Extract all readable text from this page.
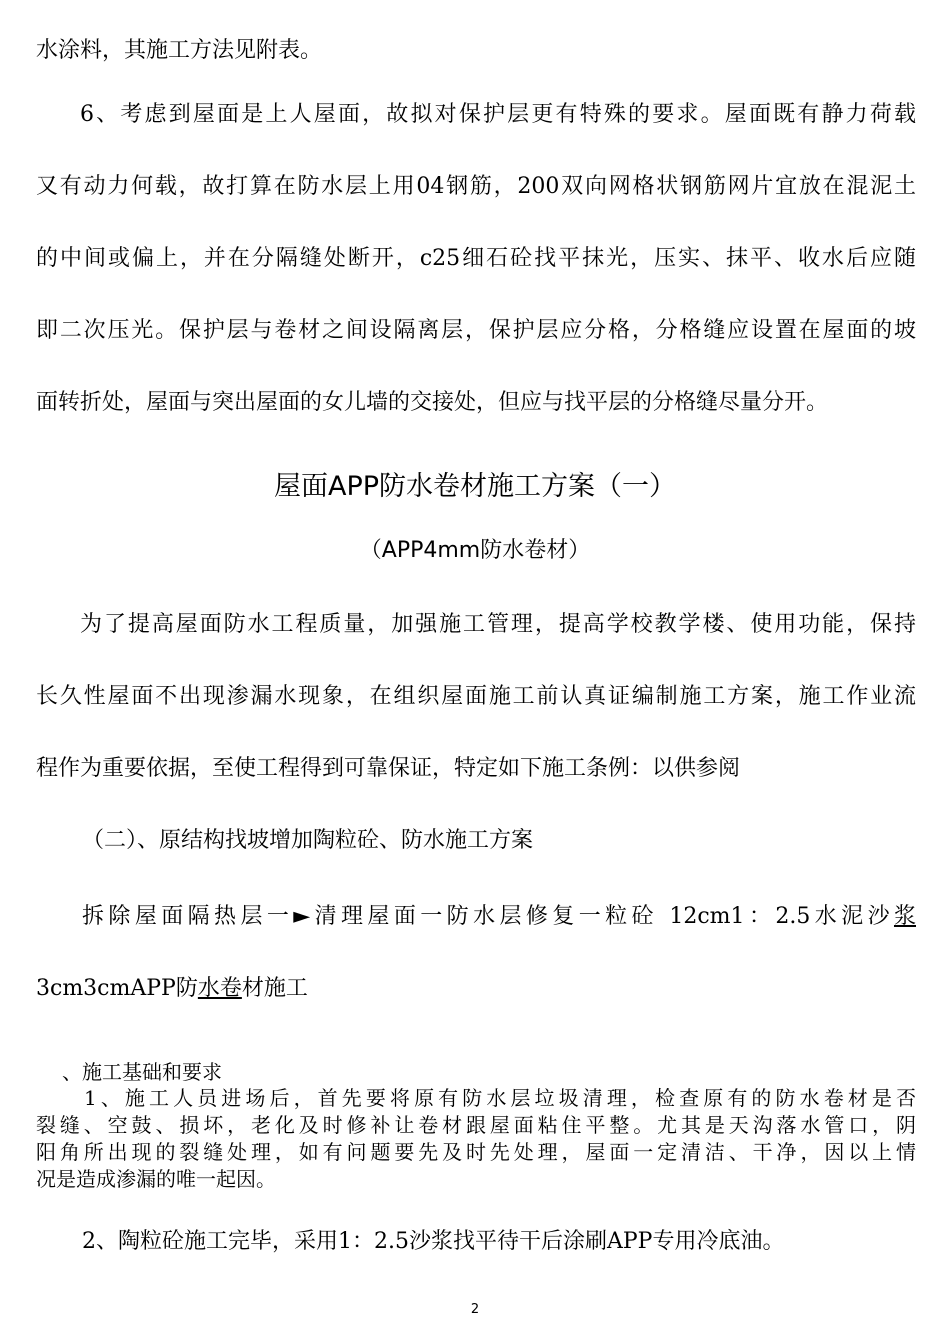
水涂料，其施工方法见附表。
6、考虑到屋面是上人屋面，故拟对保护层更有特殊的要求。屋面既有静力荷载
又有动力何载，故打算在防水层上用04钢筋，200双向网格状钢筋网片宜放在混泥土
的中间或偏上，并在分隔缝处断开，c25细石砼找平抹光，压实、抹平、收水后应随
即二次压光。保护层与卷材之间设隔离层，保护层应分格，分格缝应设置在屋面的坡
面转折处，屋面与突出屋面的女儿墙的交接处，但应与找平层的分格缝尽量分开。
屋面APP防水卷材施工方案（一）
（APP4mm防水卷材）
为了提高屋面防水工程质量，加强施工管理，提高学校教学楼、使用功能，保持
长久性屋面不出现渗漏水现象，在组织屋面施工前认真证编制施工方案，施工作业流
程作为重要依据，至使工程得到可靠保证，特定如下施工条例：以供参阅
（二）、原结构找坡增加陶粒砼、防水施工方案
拆除屋面隔热层一►清理屋面一防水层修复一粒砼 12cm1：2.5水泥沙浆
3cm3cmAPP防水卷材施工
、施工基础和要求
1、施工人员进场后，首先要将原有防水层垃圾清理，检查原有的防水卷材是否
裂缝、空鼓、损坏，老化及时修补让卷材跟屋面粘住平整。尤其是天沟落水管口，阴
阳角所出现的裂缝处理，如有问题要先及时先处理，屋面一定清洁、干净，因以上情
况是造成渗漏的唯一起因。
2、陶粒砼施工完毕，采用1：2.5沙浆找平待干后涂刷APP专用冷底油。
2
